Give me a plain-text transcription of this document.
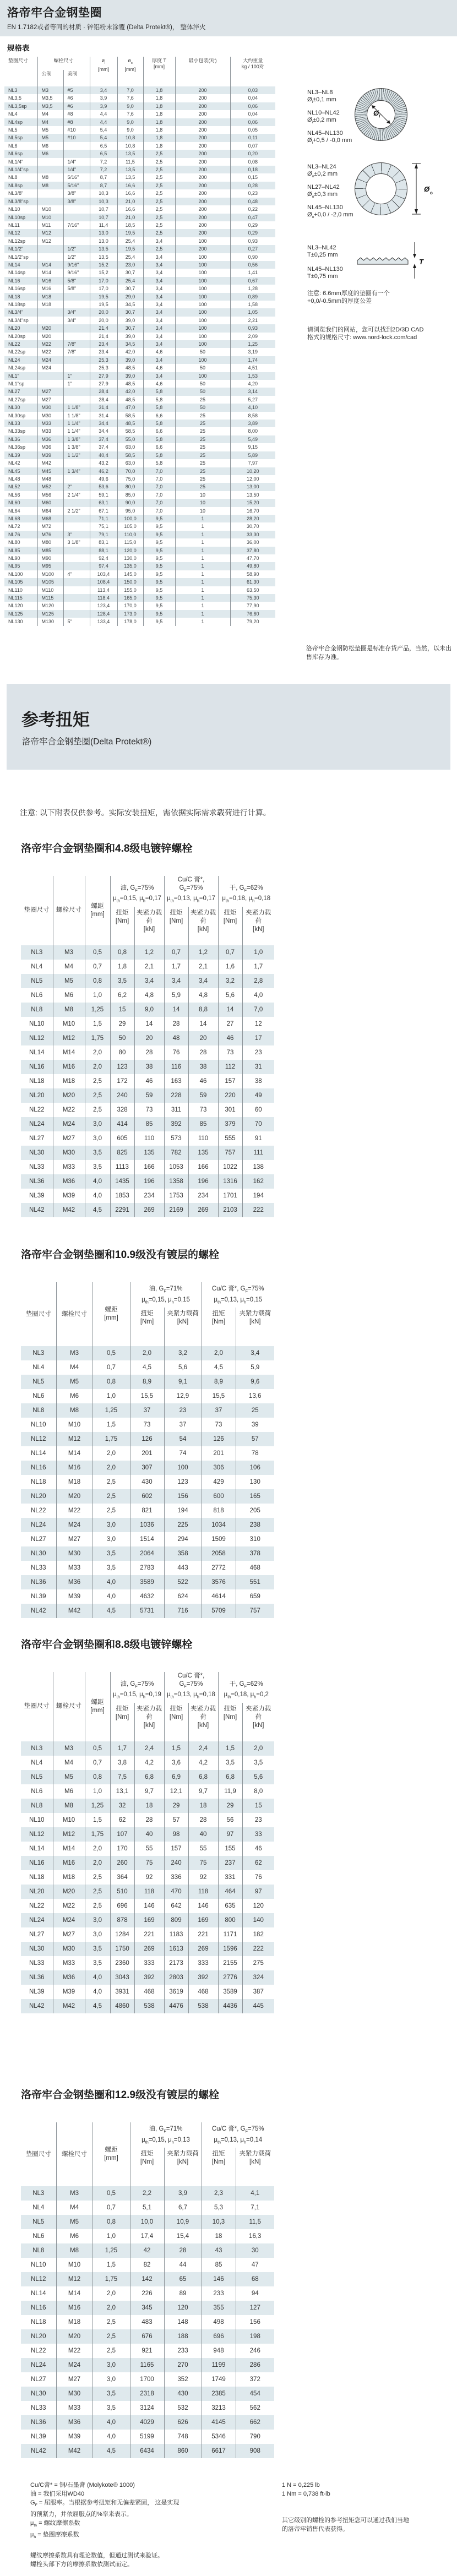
洛帝牢合金钢垫圈

EN 1.7182或者等同的材质 · 锌铝粉末涂覆 (Delta Protekt®)， 整体淬火

规格表
垫圈尺寸	螺栓尺寸		$ø_i$
[mm]	$ø_o$
[mm]	厚度 T
[mm]	最小包装(对)	大约重量
kg / 100对
	公制	美制					
NL3	M3	#5	3,4	7,0	1,8	200	0,03
NL3,5	M3,5	#6	3,9	7,6	1,8	200	0,04
NL3,5sp	M3,5	#6	3,9	9,0	1,8	200	0,06
NL4	M4	#8	4,4	7,6	1,8	200	0,04
NL4sp	M4	#8	4,4	9,0	1,8	200	0,06
NL5	M5	#10	5,4	9,0	1,8	200	0,05
NL5sp	M5	#10	5,4	10,8	1,8	200	0,11
NL6	M6		6,5	10,8	1,8	200	0,07
NL6sp	M6		6,5	13,5	2,5	200	0,20
NL1/4"		1/4"	7,2	11,5	2,5	200	0,08
NL1/4"sp		1/4"	7,2	13,5	2,5	200	0,18
NL8	M8	5/16"	8,7	13,5	2,5	200	0,15
NL8sp	M8	5/16"	8,7	16,6	2,5	200	0,28
NL3/8"		3/8"	10,3	16,6	2,5	200	0,23
NL3/8"sp		3/8"	10,3	21,0	2,5	200	0,48
NL10	M10		10,7	16,6	2,5	200	0,22
NL10sp	M10		10,7	21,0	2,5	200	0,47
NL11	M11	7/16"	11,4	18,5	2,5	200	0,29
NL12	M12		13,0	19,5	2,5	200	0,29
NL12sp	M12		13,0	25,4	3,4	100	0,93
NL1/2"		1/2"	13,5	19,5	2,5	200	0,27
NL1/2"sp		1/2"	13,5	25,4	3,4	100	0,90
NL14	M14	9/16"	15,2	23,0	3,4	100	0,56
NL14sp	M14	9/16"	15,2	30,7	3,4	100	1,41
NL16	M16	5/8"	17,0	25,4	3,4	100	0,67
NL16sp	M16	5/8"	17,0	30,7	3,4	100	1,28
NL18	M18		19,5	29,0	3,4	100	0,89
NL18sp	M18		19,5	34,5	3,4	100	1,58
NL3/4"		3/4"	20,0	30,7	3,4	100	1,05
NL3/4"sp		3/4"	20,0	39,0	3,4	100	2,21
NL20	M20		21,4	30,7	3,4	100	0,93
NL20sp	M20		21,4	39,0	3,4	100	2,09
NL22	M22	7/8"	23,4	34,5	3,4	100	1,25
NL22sp	M22	7/8"	23,4	42,0	4,6	50	3,19
NL24	M24		25,3	39,0	3,4	100	1,74
NL24sp	M24		25,3	48,5	4,6	50	4,51
NL1"		1"	27,9	39,0	3,4	100	1,53
NL1"sp		1"	27,9	48,5	4,6	50	4,20
NL27	M27		28,4	42,0	5,8	50	3,14
NL27sp	M27		28,4	48,5	5,8	25	5,27
NL30	M30	1 1/8"	31,4	47,0	5,8	50	4,10
NL30sp	M30	1 1/8"	31,4	58,5	6,6	25	8,58
NL33	M33	1 1/4"	34,4	48,5	5,8	25	3,89
NL33sp	M33	1 1/4"	34,4	58,5	6,6	25	8,00
NL36	M36	1 3/8"	37,4	55,0	5,8	25	5,49
NL36sp	M36	1 3/8"	37,4	63,0	6,6	25	9,15
NL39	M39	1 1/2"	40,4	58,5	5,8	25	5,89
NL42	M42		43,2	63,0	5,8	25	7,97
NL45	M45	1 3/4"	46,2	70,0	7,0	25	10,20
NL48	M48		49,6	75,0	7,0	25	12,00
NL52	M52	2"	53,6	80,0	7,0	25	13,00
NL56	M56	2 1/4"	59,1	85,0	7,0	10	13,50
NL60	M60		63,1	90,0	7,0	10	15,20
NL64	M64	2 1/2"	67,1	95,0	7,0	10	16,70
NL68	M68		71,1	100,0	9,5	1	28,20
NL72	M72		75,1	105,0	9,5	1	30,70
NL76	M76	3"	79,1	110,0	9,5	1	33,30
NL80	M80	3 1/8"	83,1	115,0	9,5	1	36,00
NL85	M85		88,1	120,0	9,5	1	37,80
NL90	M90		92,4	130,0	9,5	1	47,70
NL95	M95		97,4	135,0	9,5	1	49,80
NL100	M100	4"	103,4	145,0	9,5	1	58,90
NL105	M105		108,4	150,0	9,5	1	61,30
NL110	M110		113,4	155,0	9,5	1	63,50
NL115	M115		118,4	165,0	9,5	1	75,30
NL120	M120		123,4	170,0	9,5	1	77,90
NL125	M125		128,4	173,0	9,5	1	76,60
NL130	M130	5"	133,4	178,0	9,5	1	79,20
NL3–NL8
$Ø_i\pm 0,1$ mm
NL10–NL42
$Ø_i\pm 0,2$ mm
NL45–NL130
$Ø_i+0,5 / -0,0$ mm
$Ø_i$
NL3–NL24
$Ø_o\pm 0,2$ mm
NL27–NL42
$Ø_o\pm 0,3$ mm
NL45–NL130
$Ø_o+0,0 / -2,0$ mm
Ø o
NL3–NL42
T±0,25 mm
NL45–NL130
T±0,75 mm
T
注意: 6.6mm厚度的垫圈有一个
+0,0/-0.5mm的厚度公差
请浏览我们的网站，您可以找到2D/3D CAD
格式的规格尺寸: www.nord-lock.com/cad

洛帝牢合金钢防松垫圈是标准存货产品，当然，以未出售库存为准。

参考扭矩

洛帝牢合金钢垫圈(Delta Protekt®)

注意: 以下附表仅供参考。实际安装扭矩，需依据实际需求载荷进行计算。

洛帝牢合金钢垫圈和4.8级电镀锌螺栓
垫圈尺寸	螺栓尺寸	螺距
[mm]	油, $G_F=75\%$
$\mu_{th}=0,15$, $\mu_h=0,17$		Cu/C 膏*, $G_F=75\%$
$\mu_{th}=0,13$, $\mu_h=0,17$		干, $G_F=62\%$
$\mu_{th}=0,18$, $\mu_h=0,18$	
			扭矩
[Nm]	夹紧力载荷
[kN]	扭矩
[Nm]	夹紧力载荷
[kN]	扭矩
[Nm]	夹紧力载荷
[kN]
NL3	M3	0,5	0,8	1,2	0,7	1,2	0,7	1,0
NL4	M4	0,7	1,8	2,1	1,7	2,1	1,6	1,7
NL5	M5	0,8	3,5	3,4	3,4	3,4	3,2	2,8
NL6	M6	1,0	6,2	4,8	5,9	4,8	5,6	4,0
NL8	M8	1,25	15	9,0	14	8,8	14	7,0
NL10	M10	1,5	29	14	28	14	27	12
NL12	M12	1,75	50	20	48	20	46	17
NL14	M14	2,0	80	28	76	28	73	23
NL16	M16	2,0	123	38	116	38	112	31
NL18	M18	2,5	172	46	163	46	157	38
NL20	M20	2,5	240	59	228	59	220	49
NL22	M22	2,5	328	73	311	73	301	60
NL24	M24	3,0	414	85	392	85	379	70
NL27	M27	3,0	605	110	573	110	555	91
NL30	M30	3,5	825	135	782	135	757	111
NL33	M33	3,5	1113	166	1053	166	1022	138
NL36	M36	4,0	1435	196	1358	196	1316	162
NL39	M39	4,0	1853	234	1753	234	1701	194
NL42	M42	4,5	2291	269	2169	269	2103	222
洛帝牢合金钢垫圈和10.9级没有镀层的螺栓
垫圈尺寸	螺栓尺寸	螺距
[mm]	油, $G_F=71\%$
$\mu_{th}=0,15$, $\mu_h=0,15$		Cu/C 膏*, $G_F=75\%$
$\mu_{th}=0,13$, $\mu_h=0,15$	
			扭矩
[Nm]	夹紧力载荷
[kN]	扭矩
[Nm]	夹紧力载荷
[kN]
NL3	M3	0,5	2,0	3,2	2,0	3,4
NL4	M4	0,7	4,5	5,6	4,5	5,9
NL5	M5	0,8	8,9	9,1	8,9	9,6
NL6	M6	1,0	15,5	12,9	15,5	13,6
NL8	M8	1,25	37	23	37	25
NL10	M10	1,5	73	37	73	39
NL12	M12	1,75	126	54	126	57
NL14	M14	2,0	201	74	201	78
NL16	M16	2,0	307	100	306	106
NL18	M18	2,5	430	123	429	130
NL20	M20	2,5	602	156	600	165
NL22	M22	2,5	821	194	818	205
NL24	M24	3,0	1036	225	1034	238
NL27	M27	3,0	1514	294	1509	310
NL30	M30	3,5	2064	358	2058	378
NL33	M33	3,5	2783	443	2772	468
NL36	M36	4,0	3589	522	3576	551
NL39	M39	4,0	4632	624	4614	659
NL42	M42	4,5	5731	716	5709	757
洛帝牢合金钢垫圈和8.8级电镀锌螺栓
垫圈尺寸	螺栓尺寸	螺距
[mm]	油, $G_F=75\%$
$\mu_{th}=0,15$, $\mu_h=0,19$		Cu/C 膏*, $G_F=75\%$
$\mu_{th}=0,13$, $\mu_h=0,18$		干, $G_F=62\%$
$\mu_{th}=0,18$, $\mu_h=0,2$	
			扭矩
[Nm]	夹紧力载荷
[kN]	扭矩
[Nm]	夹紧力载荷
[kN]	扭矩
[Nm]	夹紧力载荷
[kN]
NL3	M3	0,5	1,7	2,4	1,5	2,4	1,5	2,0
NL4	M4	0,7	3,8	4,2	3,6	4,2	3,5	3,5
NL5	M5	0,8	7,5	6,8	6,9	6,8	6,8	5,6
NL6	M6	1,0	13,1	9,7	12,1	9,7	11,9	8,0
NL8	M8	1,25	32	18	29	18	29	15
NL10	M10	1,5	62	28	57	28	56	23
NL12	M12	1,75	107	40	98	40	97	33
NL14	M14	2,0	170	55	157	55	155	46
NL16	M16	2,0	260	75	240	75	237	62
NL18	M18	2,5	364	92	336	92	331	76
NL20	M20	2,5	510	118	470	118	464	97
NL22	M22	2,5	696	146	642	146	635	120
NL24	M24	3,0	878	169	809	169	800	140
NL27	M27	3,0	1284	221	1183	221	1171	182
NL30	M30	3,5	1750	269	1613	269	1596	222
NL33	M33	3,5	2360	333	2173	333	2155	275
NL36	M36	4,0	3043	392	2803	392	2776	324
NL39	M39	4,0	3931	468	3619	468	3589	387
NL42	M42	4,5	4860	538	4476	538	4436	445
洛帝牢合金钢垫圈和12.9级没有镀层的螺栓
垫圈尺寸	螺栓尺寸	螺距
[mm]	油, $G_F=71\%$
$\mu_{th}=0,15$, $\mu_h=0,13$		Cu/C 膏*, $G_F=75\%$
$\mu_{th}=0,13$, $\mu_h=0,14$	
			扭矩
[Nm]	夹紧力载荷
[kN]	扭矩
[Nm]	夹紧力载荷
[kN]
NL3	M3	0,5	2,2	3,9	2,3	4,1
NL4	M4	0,7	5,1	6,7	5,3	7,1
NL5	M5	0,8	10,0	10,9	10,3	11,5
NL6	M6	1,0	17,4	15,4	18	16,3
NL8	M8	1,25	42	28	43	30
NL10	M10	1,5	82	44	85	47
NL12	M12	1,75	142	65	146	68
NL14	M14	2,0	226	89	233	94
NL16	M16	2,0	345	120	355	127
NL18	M18	2,5	483	148	498	156
NL20	M20	2,5	676	188	696	198
NL22	M22	2,5	921	233	948	246
NL24	M24	3,0	1165	270	1199	286
NL27	M27	3,0	1700	352	1749	372
NL30	M30	3,5	2318	430	2385	454
NL33	M33	3,5	3124	532	3213	562
NL36	M36	4,0	4029	626	4145	662
NL39	M39	4,0	5199	748	5346	790
NL42	M42	4,5	6434	860	6617	908
Cu/C膏* = 铜/石墨膏 (Molykote® 1000)
油 = 我们采用WD40
$G_F$ = 屈服率。当根据参考扭矩和无偏差紧固， 这是实现
的预紧力，并依屈服点的%率来表示。
$\mu_{th}$ = 螺纹摩擦系数
$\mu_h$ = 垫圈摩擦系数
螺纹摩擦系数具有理论数值，但通过测试来验证。
螺栓头部下方的摩擦系数依测试而定。
1 N = 0,225 lb
1 Nm = 0,738 ft-lb
其它级别的螺栓的参考扭矩您可以通过我们当地
的洛帝牢销售代表获得。
